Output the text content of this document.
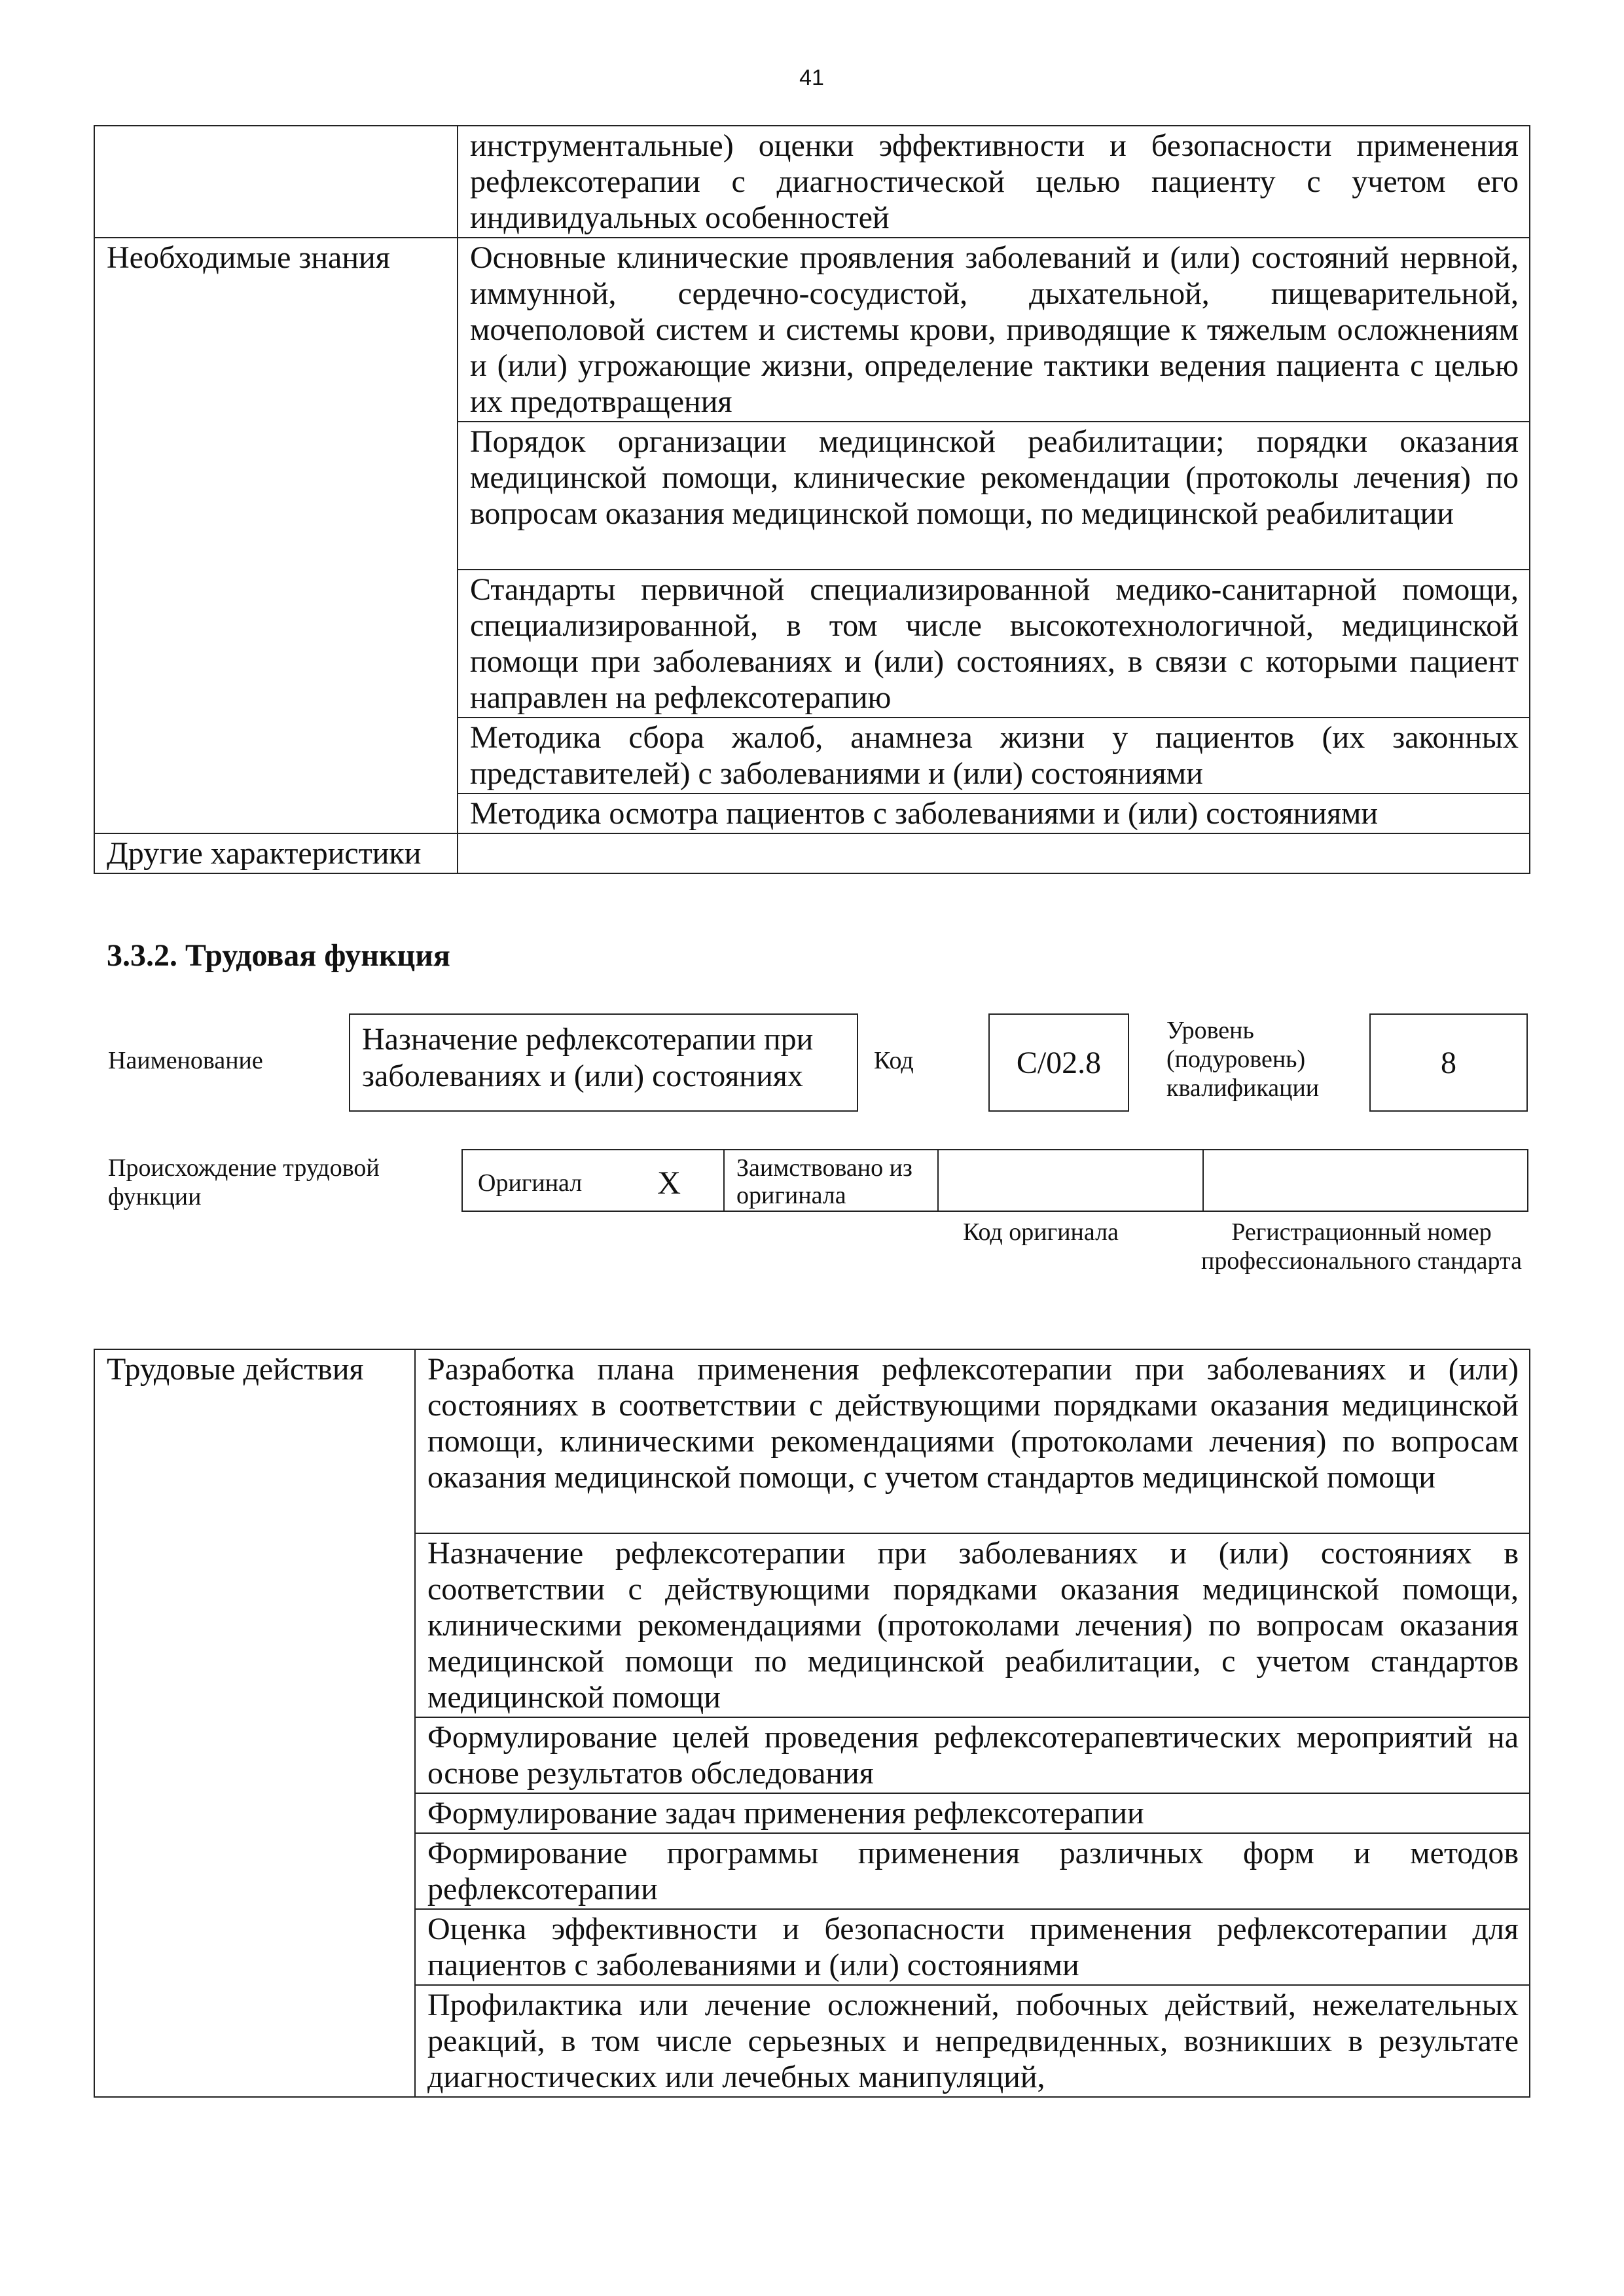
41
	инструментальные) оценки эффективности и безопасности применения рефлексотерапии с диагностической целью пациенту с учетом его индивидуальных особенностей
Необходимые знания	Основные клинические проявления заболеваний и (или) состояний нервной, иммунной, сердечно-сосудистой, дыхательной, пищеварительной, мочеполовой систем и системы крови, приводящие к тяжелым осложнениям и (или) угрожающие жизни, определение тактики ведения пациента с целью их предотвращения
	Порядок организации медицинской реабилитации; порядки оказания медицинской помощи, клинические рекомендации (протоколы лечения) по вопросам оказания медицинской помощи, по медицинской реабилитации
	Стандарты первичной специализированной медико-санитарной помощи, специализированной, в том числе высокотехнологичной, медицинской помощи при заболеваниях и (или) состояниях, в связи с которыми пациент направлен на рефлексотерапию
	Методика сбора жалоб, анамнеза жизни у пациентов (их законных представителей) с заболеваниями и (или) состояниями
	Методика осмотра пациентов с заболеваниями и (или) состояниями
Другие характеристики	
3.3.2. Трудовая функция
Наименование
Назначение рефлексотерапии при заболеваниях и (или) состояниях	Код	C/02.8
Уровень (подуровень) квалификации
8
Происхождение трудовой функции	Оригинал X Заимствовано из оригинала
Код оригинала	Регистрационный номер профессионального стандарта
Трудовые действия	Разработка плана применения рефлексотерапии при заболеваниях и (или) состояниях в соответствии с действующими порядками оказания медицинской помощи, клиническими рекомендациями (протоколами лечения) по вопросам оказания медицинской помощи, с учетом стандартов медицинской помощи
Назначение рефлексотерапии при заболеваниях и (или) состояниях в соответствии с действующими порядками оказания медицинской помощи, клиническими рекомендациями (протоколами лечения) по вопросам оказания медицинской помощи по медицинской реабилитации, с учетом стандартов медицинской помощи
Формулирование целей проведения рефлексотерапевтических мероприятий на основе результатов обследования
Формулирование задач применения рефлексотерапии
Формирование программы применения различных форм и методов рефлексотерапии
Оценка эффективности и безопасности применения рефлексотерапии для пациентов с заболеваниями и (или) состояниями
Профилактика или лечение осложнений, побочных действий, нежелательных реакций, в том числе серьезных и непредвиденных, возникших в результате диагностических или лечебных манипуляций,
